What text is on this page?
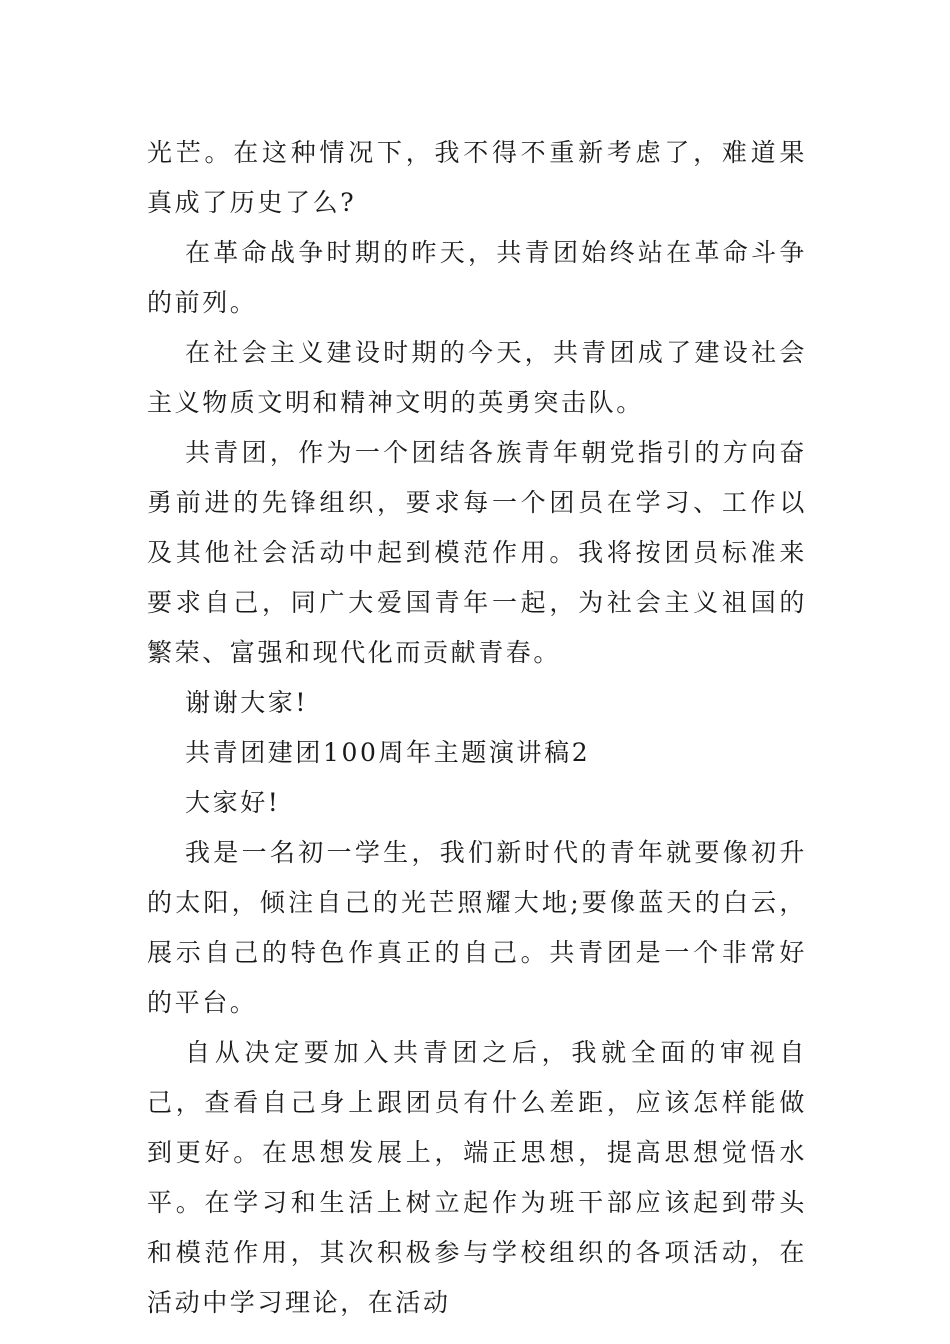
光芒。在这种情况下，我不得不重新考虑了，难道果真成了历史了么?

在革命战争时期的昨天，共青团始终站在革命斗争的前列。

在社会主义建设时期的今天，共青团成了建设社会主义物质文明和精神文明的英勇突击队。

共青团，作为一个团结各族青年朝党指引的方向奋勇前进的先锋组织，要求每一个团员在学习、工作以及其他社会活动中起到模范作用。我将按团员标准来要求自己，同广大爱国青年一起，为社会主义祖国的繁荣、富强和现代化而贡献青春。

谢谢大家!

共青团建团100周年主题演讲稿2

大家好!

我是一名初一学生，我们新时代的青年就要像初升的太阳，倾注自己的光芒照耀大地;要像蓝天的白云，展示自己的特色作真正的自己。共青团是一个非常好的平台。

自从决定要加入共青团之后，我就全面的审视自己，查看自己身上跟团员有什么差距，应该怎样能做到更好。在思想发展上，端正思想，提高思想觉悟水平。在学习和生活上树立起作为班干部应该起到带头和模范作用，其次积极参与学校组织的各项活动，在活动中学习理论，在活动
